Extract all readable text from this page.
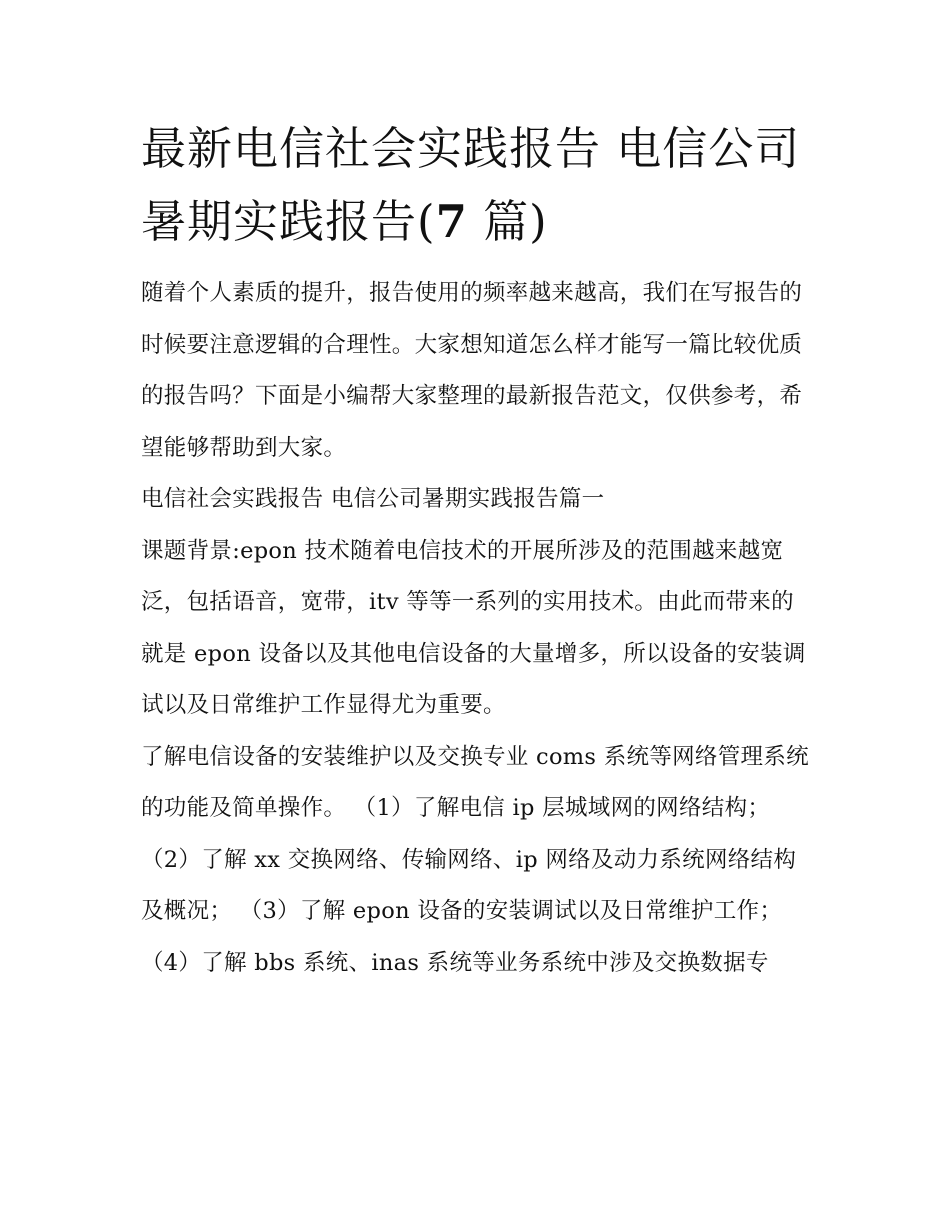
最新电信社会实践报告 电信公司暑期实践报告(7 篇)

随着个人素质的提升，报告使用的频率越来越高，我们在写报告的时候要注意逻辑的合理性。大家想知道怎么样才能写一篇比较优质的报告吗？下面是小编帮大家整理的最新报告范文，仅供参考，希望能够帮助到大家。

电信社会实践报告 电信公司暑期实践报告篇一

课题背景:epon 技术随着电信技术的开展所涉及的范围越来越宽泛，包括语音，宽带，itv 等等一系列的实用技术。由此而带来的就是 epon 设备以及其他电信设备的大量增多，所以设备的安装调试以及日常维护工作显得尤为重要。

了解电信设备的安装维护以及交换专业 coms 系统等网络管理系统的功能及简单操作。 （1）了解电信 ip 层城域网的网络结构；

（2）了解 xx 交换网络、传输网络、ip 网络及动力系统网络结构及概况； （3）了解 epon 设备的安装调试以及日常维护工作；

（4）了解 bbs 系统、inas 系统等业务系统中涉及交换数据专
